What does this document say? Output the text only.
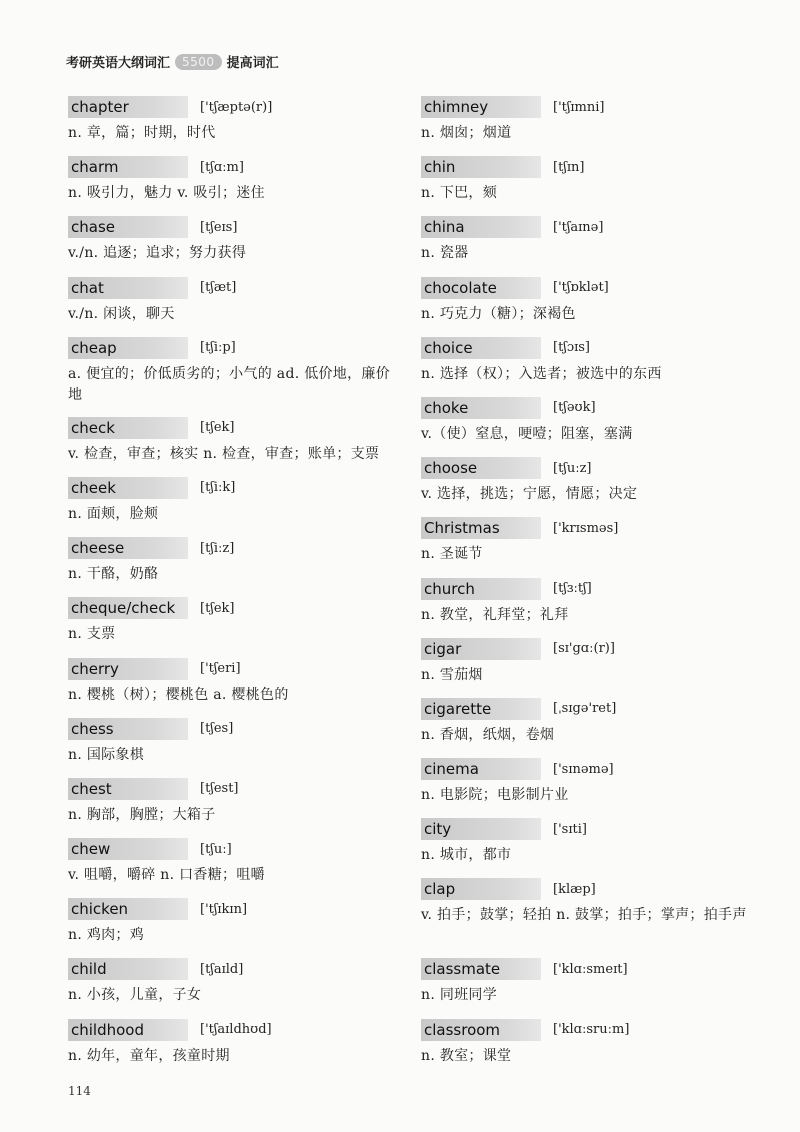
考研英语大纲词汇	5500 提高词汇
chapter	['tʃæptə(r)]
n. 章，篇；时期，时代
charm	[tʃɑːm]
n. 吸引力，魅力 v. 吸引；迷住
chase	[tʃeɪs]
v./n. 追逐；追求；努力获得
chat	[tʃæt]
v./n. 闲谈，聊天
cheap	[tʃiːp]
a. 便宜的；价低质劣的；小气的 ad. 低价地，廉价地
check	[tʃek]
v. 检查，审查；核实 n. 检查，审查；账单；支票
cheek	[tʃiːk]
n. 面颊，脸颊
cheese	[tʃiːz]
n. 干酪，奶酪
cheque/check	[tʃek]
n. 支票
cherry	['tʃeri]
n. 樱桃（树）；樱桃色 a. 樱桃色的
chess	[tʃes]
n. 国际象棋
chest	[tʃest]
n. 胸部，胸膛；大箱子
chew	[tʃuː]
v. 咀嚼，嚼碎 n. 口香糖；咀嚼
chicken	['tʃɪkɪn]
n. 鸡肉；鸡
child	[tʃaɪld]
n. 小孩，儿童，子女
childhood	['tʃaɪldhʊd]
n. 幼年，童年，孩童时期
chimney	['tʃɪmni]
n. 烟囱；烟道
chin	[tʃɪn]
n. 下巴，颏
china	['tʃaɪnə]
n. 瓷器
chocolate	['tʃɒklət]
n. 巧克力（糖）；深褐色
choice	[tʃɔɪs]
n. 选择（权）；入选者；被选中的东西
choke	[tʃəʊk]
v.（使）窒息，哽噎；阻塞，塞满
choose	[tʃuːz]
v. 选择，挑选；宁愿，情愿；决定
Christmas	['krɪsməs]
n. 圣诞节
church	[tʃɜːtʃ]
n. 教堂，礼拜堂；礼拜
cigar	[sɪ'gɑː(r)]
n. 雪茄烟
cigarette	[ˌsɪgə'ret]
n. 香烟，纸烟，卷烟
cinema	['sɪnəmə]
n. 电影院；电影制片业
city	['sɪti]
n. 城市，都市
clap	[klæp]
v. 拍手；鼓掌；轻拍 n. 鼓掌；拍手；掌声；拍手声
classmate	['klɑːsmeɪt]
n. 同班同学
classroom	['klɑːsruːm]
n. 教室；课堂
114
